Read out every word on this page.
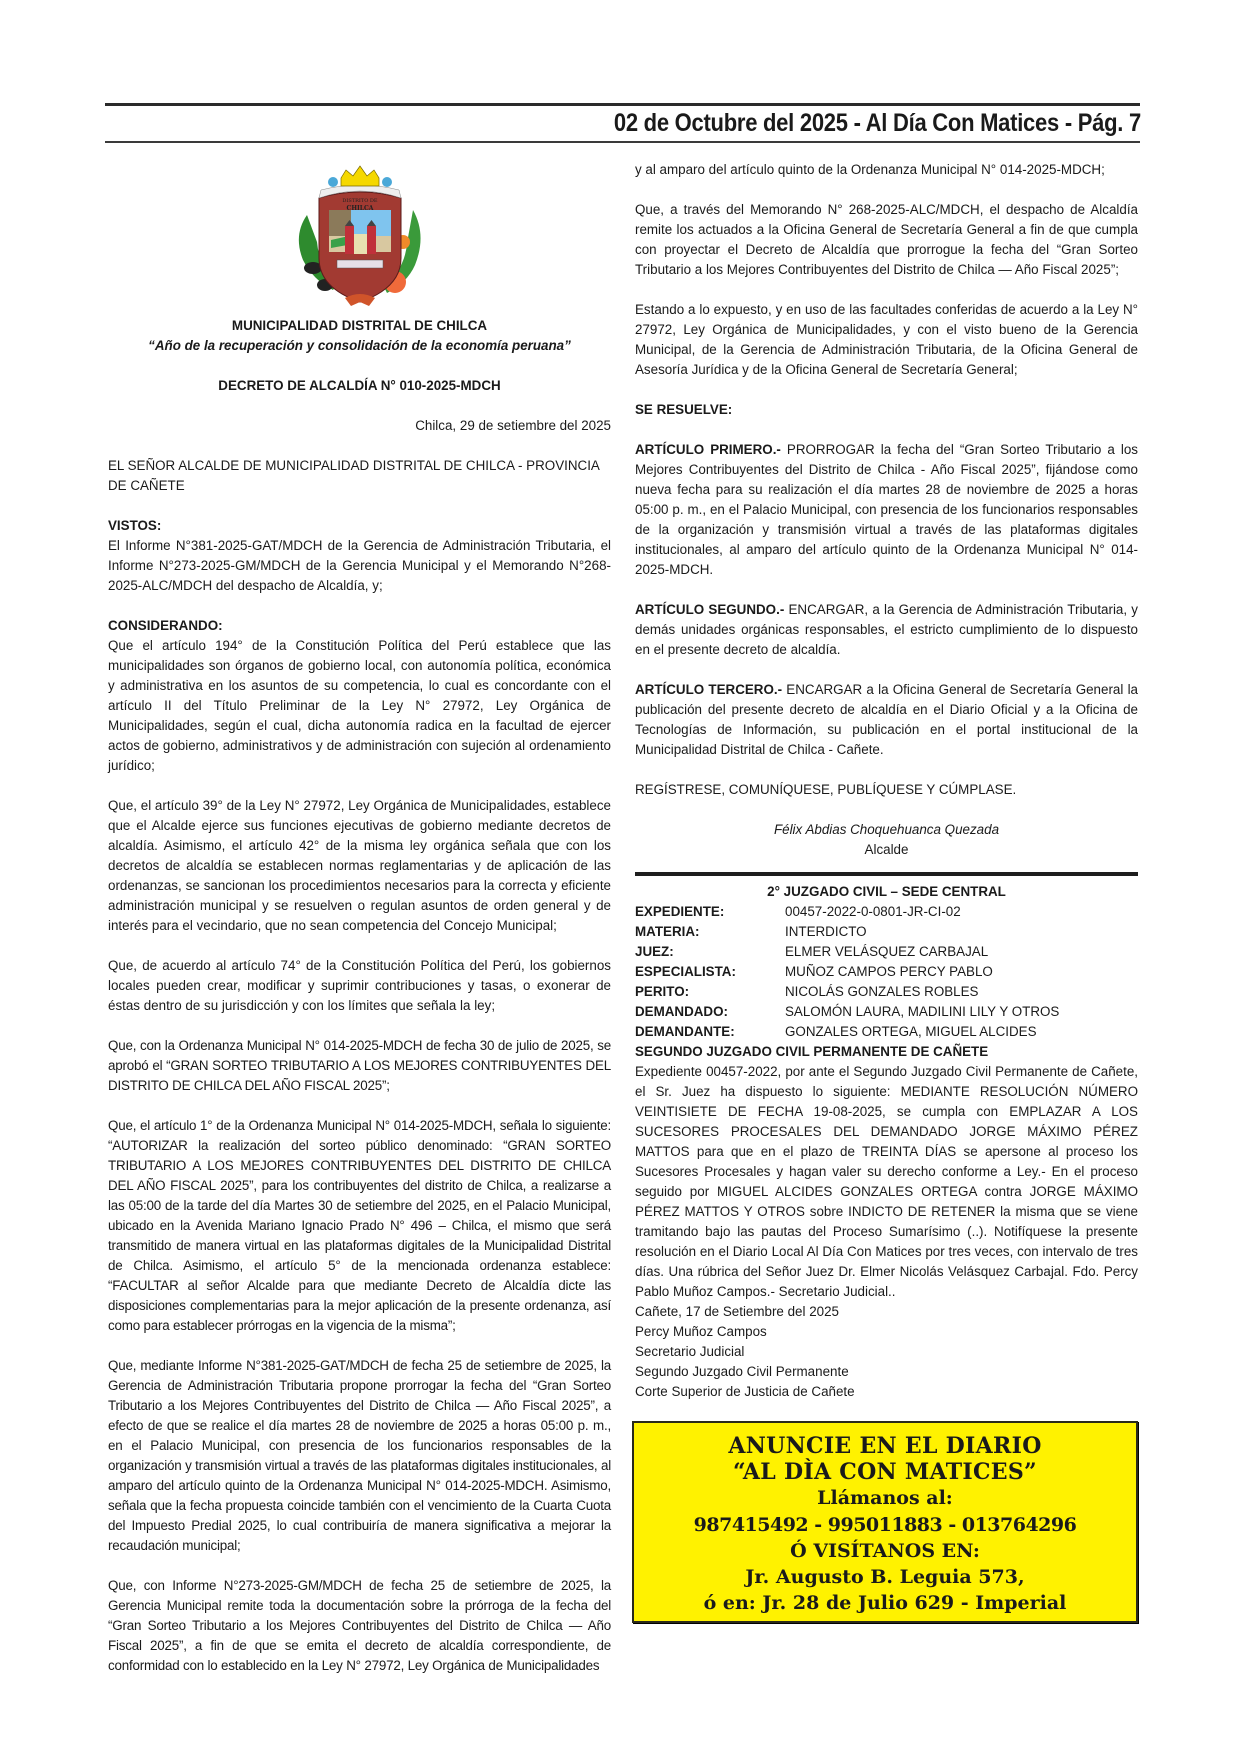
02 de Octubre del 2025 - Al Día Con Matices - Pág. 7
DISTRITO DE
CHILCA

MUNICIPALIDAD DISTRITAL DE CHILCA

“Año de la recuperación y consolidación de la economía peruana”

DECRETO DE ALCALDÍA N° 010-2025-MDCH

Chilca, 29 de setiembre del 2025

EL SEÑOR ALCALDE DE MUNICIPALIDAD DISTRITAL DE CHILCA - PROVINCIA DE CAÑETE

VISTOS:
El Informe N°381-2025-GAT/MDCH de la Gerencia de Administración Tributaria, el Informe N°273-2025-GM/MDCH de la Gerencia Municipal y el Memorando N°268-2025-ALC/MDCH del despacho de Alcaldía, y;
CONSIDERANDO:
Que el artículo 194° de la Constitución Política del Perú establece que las municipalidades son órganos de gobierno local, con autonomía política, económica y administrativa en los asuntos de su competencia, lo cual es concordante con el artículo II del Título Preliminar de la Ley N° 27972, Ley Orgánica de Municipalidades, según el cual, dicha autonomía radica en la facultad de ejercer actos de gobierno, administrativos y de administración con sujeción al ordenamiento jurídico;

Que, el artículo 39° de la Ley N° 27972, Ley Orgánica de Municipalidades, establece que el Alcalde ejerce sus funciones ejecutivas de gobierno mediante decretos de alcaldía. Asimismo, el artículo 42° de la misma ley orgánica señala que con los decretos de alcaldía se establecen normas reglamentarias y de aplicación de las ordenanzas, se sancionan los procedimientos necesarios para la correcta y eficiente administración municipal y se resuelven o regulan asuntos de orden general y de interés para el vecindario, que no sean competencia del Concejo Municipal;

Que, de acuerdo al artículo 74° de la Constitución Política del Perú, los gobiernos locales pueden crear, modificar y suprimir contribuciones y tasas, o exonerar de éstas dentro de su jurisdicción y con los límites que señala la ley;

Que, con la Ordenanza Municipal N° 014-2025-MDCH de fecha 30 de julio de 2025, se aprobó el “GRAN SORTEO TRIBUTARIO A LOS MEJORES CONTRIBUYENTES DEL DISTRITO DE CHILCA DEL AÑO FISCAL 2025”;

Que, el artículo 1° de la Ordenanza Municipal N° 014-2025-MDCH, señala lo siguiente: “AUTORIZAR la realización del sorteo público denominado: “GRAN SORTEO TRIBUTARIO A LOS MEJORES CONTRIBUYENTES DEL DISTRITO DE CHILCA DEL AÑO FISCAL 2025”, para los contribuyentes del distrito de Chilca, a realizarse a las 05:00 de la tarde del día Martes 30 de setiembre del 2025, en el Palacio Municipal, ubicado en la Avenida Mariano Ignacio Prado N° 496 – Chilca, el mismo que será transmitido de manera virtual en las plataformas digitales de la Municipalidad Distrital de Chilca. Asimismo, el artículo 5° de la mencionada ordenanza establece: “FACULTAR al señor Alcalde para que mediante Decreto de Alcaldía dicte las disposiciones complementarias para la mejor aplicación de la presente ordenanza, así como para establecer prórrogas en la vigencia de la misma”;

Que, mediante Informe N°381-2025-GAT/MDCH de fecha 25 de setiembre de 2025, la Gerencia de Administración Tributaria propone prorrogar la fecha del “Gran Sorteo Tributario a los Mejores Contribuyentes del Distrito de Chilca — Año Fiscal 2025”, a efecto de que se realice el día martes 28 de noviembre de 2025 a horas 05:00 p. m., en el Palacio Municipal, con presencia de los funcionarios responsables de la organización y transmisión virtual a través de las plataformas digitales institucionales, al amparo del artículo quinto de la Ordenanza Municipal N° 014-2025-MDCH. Asimismo, señala que la fecha propuesta coincide también con el vencimiento de la Cuarta Cuota del Impuesto Predial 2025, lo cual contribuiría de manera significativa a mejorar la recaudación municipal;

Que, con Informe N°273-2025-GM/MDCH de fecha 25 de setiembre de 2025, la Gerencia Municipal remite toda la documentación sobre la prórroga de la fecha del “Gran Sorteo Tributario a los Mejores Contribuyentes del Distrito de Chilca — Año Fiscal 2025”, a fin de que se emita el decreto de alcaldía correspondiente, de conformidad con lo establecido en la Ley N° 27972, Ley Orgánica de Municipalidades

y al amparo del artículo quinto de la Ordenanza Municipal N° 014-2025-MDCH;

Que, a través del Memorando N° 268-2025-ALC/MDCH, el despacho de Alcaldía remite los actuados a la Oficina General de Secretaría General a fin de que cumpla con proyectar el Decreto de Alcaldía que prorrogue la fecha del “Gran Sorteo Tributario a los Mejores Contribuyentes del Distrito de Chilca — Año Fiscal 2025”;

Estando a lo expuesto, y en uso de las facultades conferidas de acuerdo a la Ley N° 27972, Ley Orgánica de Municipalidades, y con el visto bueno de la Gerencia Municipal, de la Gerencia de Administración Tributaria, de la Oficina General de Asesoría Jurídica y de la Oficina General de Secretaría General;

SE RESUELVE:

ARTÍCULO PRIMERO.- PRORROGAR la fecha del “Gran Sorteo Tributario a los Mejores Contribuyentes del Distrito de Chilca - Año Fiscal 2025”, fijándose como nueva fecha para su realización el día martes 28 de noviembre de 2025 a horas 05:00 p. m., en el Palacio Municipal, con presencia de los funcionarios responsables de la organización y transmisión virtual a través de las plataformas digitales institucionales, al amparo del artículo quinto de la Ordenanza Municipal N° 014-2025-MDCH.

ARTÍCULO SEGUNDO.- ENCARGAR, a la Gerencia de Administración Tributaria, y demás unidades orgánicas responsables, el estricto cumplimiento de lo dispuesto en el presente decreto de alcaldía.

ARTÍCULO TERCERO.- ENCARGAR a la Oficina General de Secretaría General la publicación del presente decreto de alcaldía en el Diario Oficial y a la Oficina de Tecnologías de Información, su publicación en el portal institucional de la Municipalidad Distrital de Chilca - Cañete.

REGÍSTRESE, COMUNÍQUESE, PUBLÍQUESE Y CÚMPLASE.

Félix Abdias Choquehuanca Quezada

Alcalde

2° JUZGADO CIVIL – SEDE CENTRAL

EXPEDIENTE:	00457-2022-0-0801-JR-CI-02
MATERIA:	INTERDICTO
JUEZ:	ELMER VELÁSQUEZ CARBAJAL
ESPECIALISTA:	MUÑOZ CAMPOS PERCY PABLO
PERITO:	NICOLÁS GONZALES ROBLES
DEMANDADO:	SALOMÓN LAURA, MADILINI LILY Y OTROS
DEMANDANTE:	GONZALES ORTEGA, MIGUEL ALCIDES

SEGUNDO JUZGADO CIVIL PERMANENTE DE CAÑETE

Expediente 00457-2022, por ante el Segundo Juzgado Civil Permanente de Cañete, el Sr. Juez ha dispuesto lo siguiente: MEDIANTE RESOLUCIÓN NÚMERO VEINTISIETE DE FECHA 19-08-2025, se cumpla con EMPLAZAR A LOS SUCESORES PROCESALES DEL DEMANDADO JORGE MÁXIMO PÉREZ MATTOS para que en el plazo de TREINTA DÍAS se apersone al proceso los Sucesores Procesales y hagan valer su derecho conforme a Ley.- En el proceso seguido por MIGUEL ALCIDES GONZALES ORTEGA contra JORGE MÁXIMO PÉREZ MATTOS Y OTROS sobre INDICTO DE RETENER la misma que se viene tramitando bajo las pautas del Proceso Sumarísimo (..). Notifíquese la presente resolución en el Diario Local Al Día Con Matices por tres veces, con intervalo de tres días. Una rúbrica del Señor Juez Dr. Elmer Nicolás Velásquez Carbajal. Fdo. Percy Pablo Muñoz Campos.- Secretario Judicial..

Cañete, 17 de Setiembre del 2025

Percy Muñoz Campos

Secretario Judicial

Segundo Juzgado Civil Permanente

Corte Superior de Justicia de Cañete

ANUNCIE EN EL DIARIO
“AL DÌA CON MATICES”
Llámanos al:
987415492 - 995011883 - 013764296
Ó VISÍTANOS EN:
Jr. Augusto B. Leguia 573,
ó en: Jr. 28 de Julio 629 - Imperial
